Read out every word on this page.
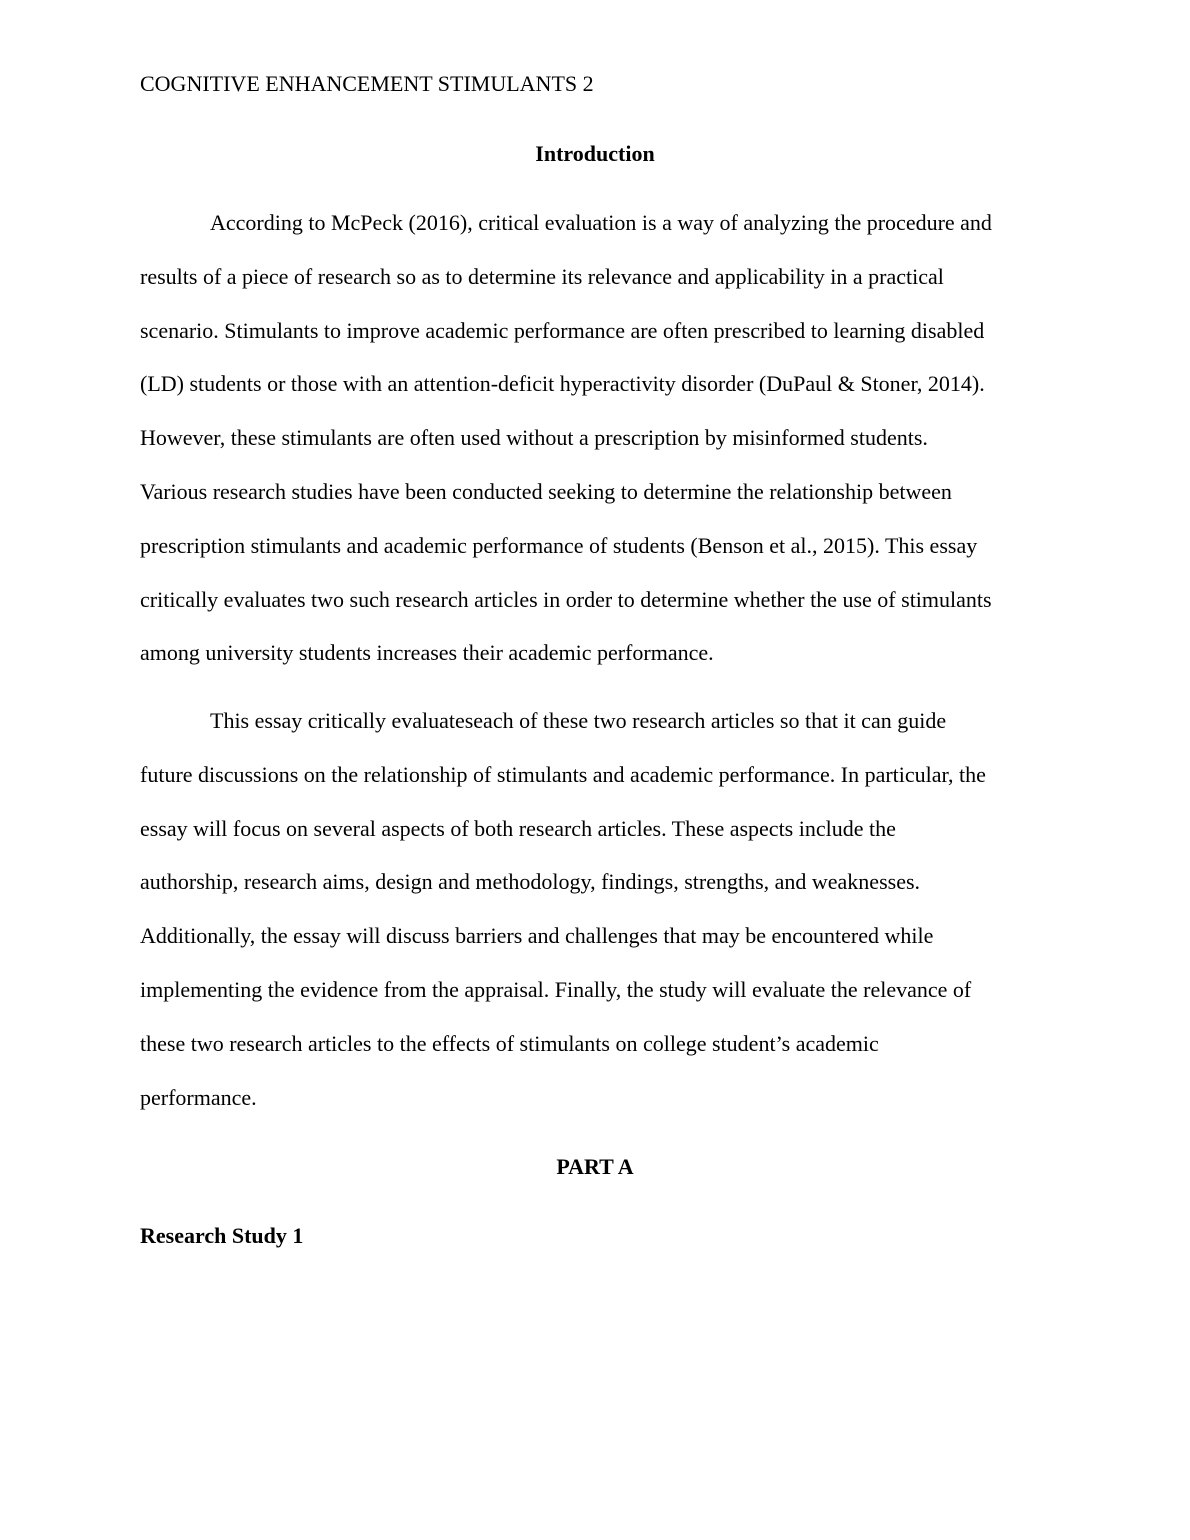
COGNITIVE ENHANCEMENT STIMULANTS 2
Introduction
According to McPeck (2016), critical evaluation is a way of analyzing the procedure and
results of a piece of research so as to determine its relevance and applicability in a practical
scenario. Stimulants to improve academic performance are often prescribed to learning disabled
(LD) students or those with an attention-deficit hyperactivity disorder (DuPaul & Stoner, 2014).
However, these stimulants are often used without a prescription by misinformed students.
Various research studies have been conducted seeking to determine the relationship between
prescription stimulants and academic performance of students (Benson et al., 2015). This essay
critically evaluates two such research articles in order to determine whether the use of stimulants
among university students increases their academic performance.
This essay critically evaluateseach of these two research articles so that it can guide
future discussions on the relationship of stimulants and academic performance. In particular, the
essay will focus on several aspects of both research articles. These aspects include the
authorship, research aims, design and methodology, findings, strengths, and weaknesses.
Additionally, the essay will discuss barriers and challenges that may be encountered while
implementing the evidence from the appraisal. Finally, the study will evaluate the relevance of
these two research articles to the effects of stimulants on college student’s academic
performance.
PART A
Research Study 1
